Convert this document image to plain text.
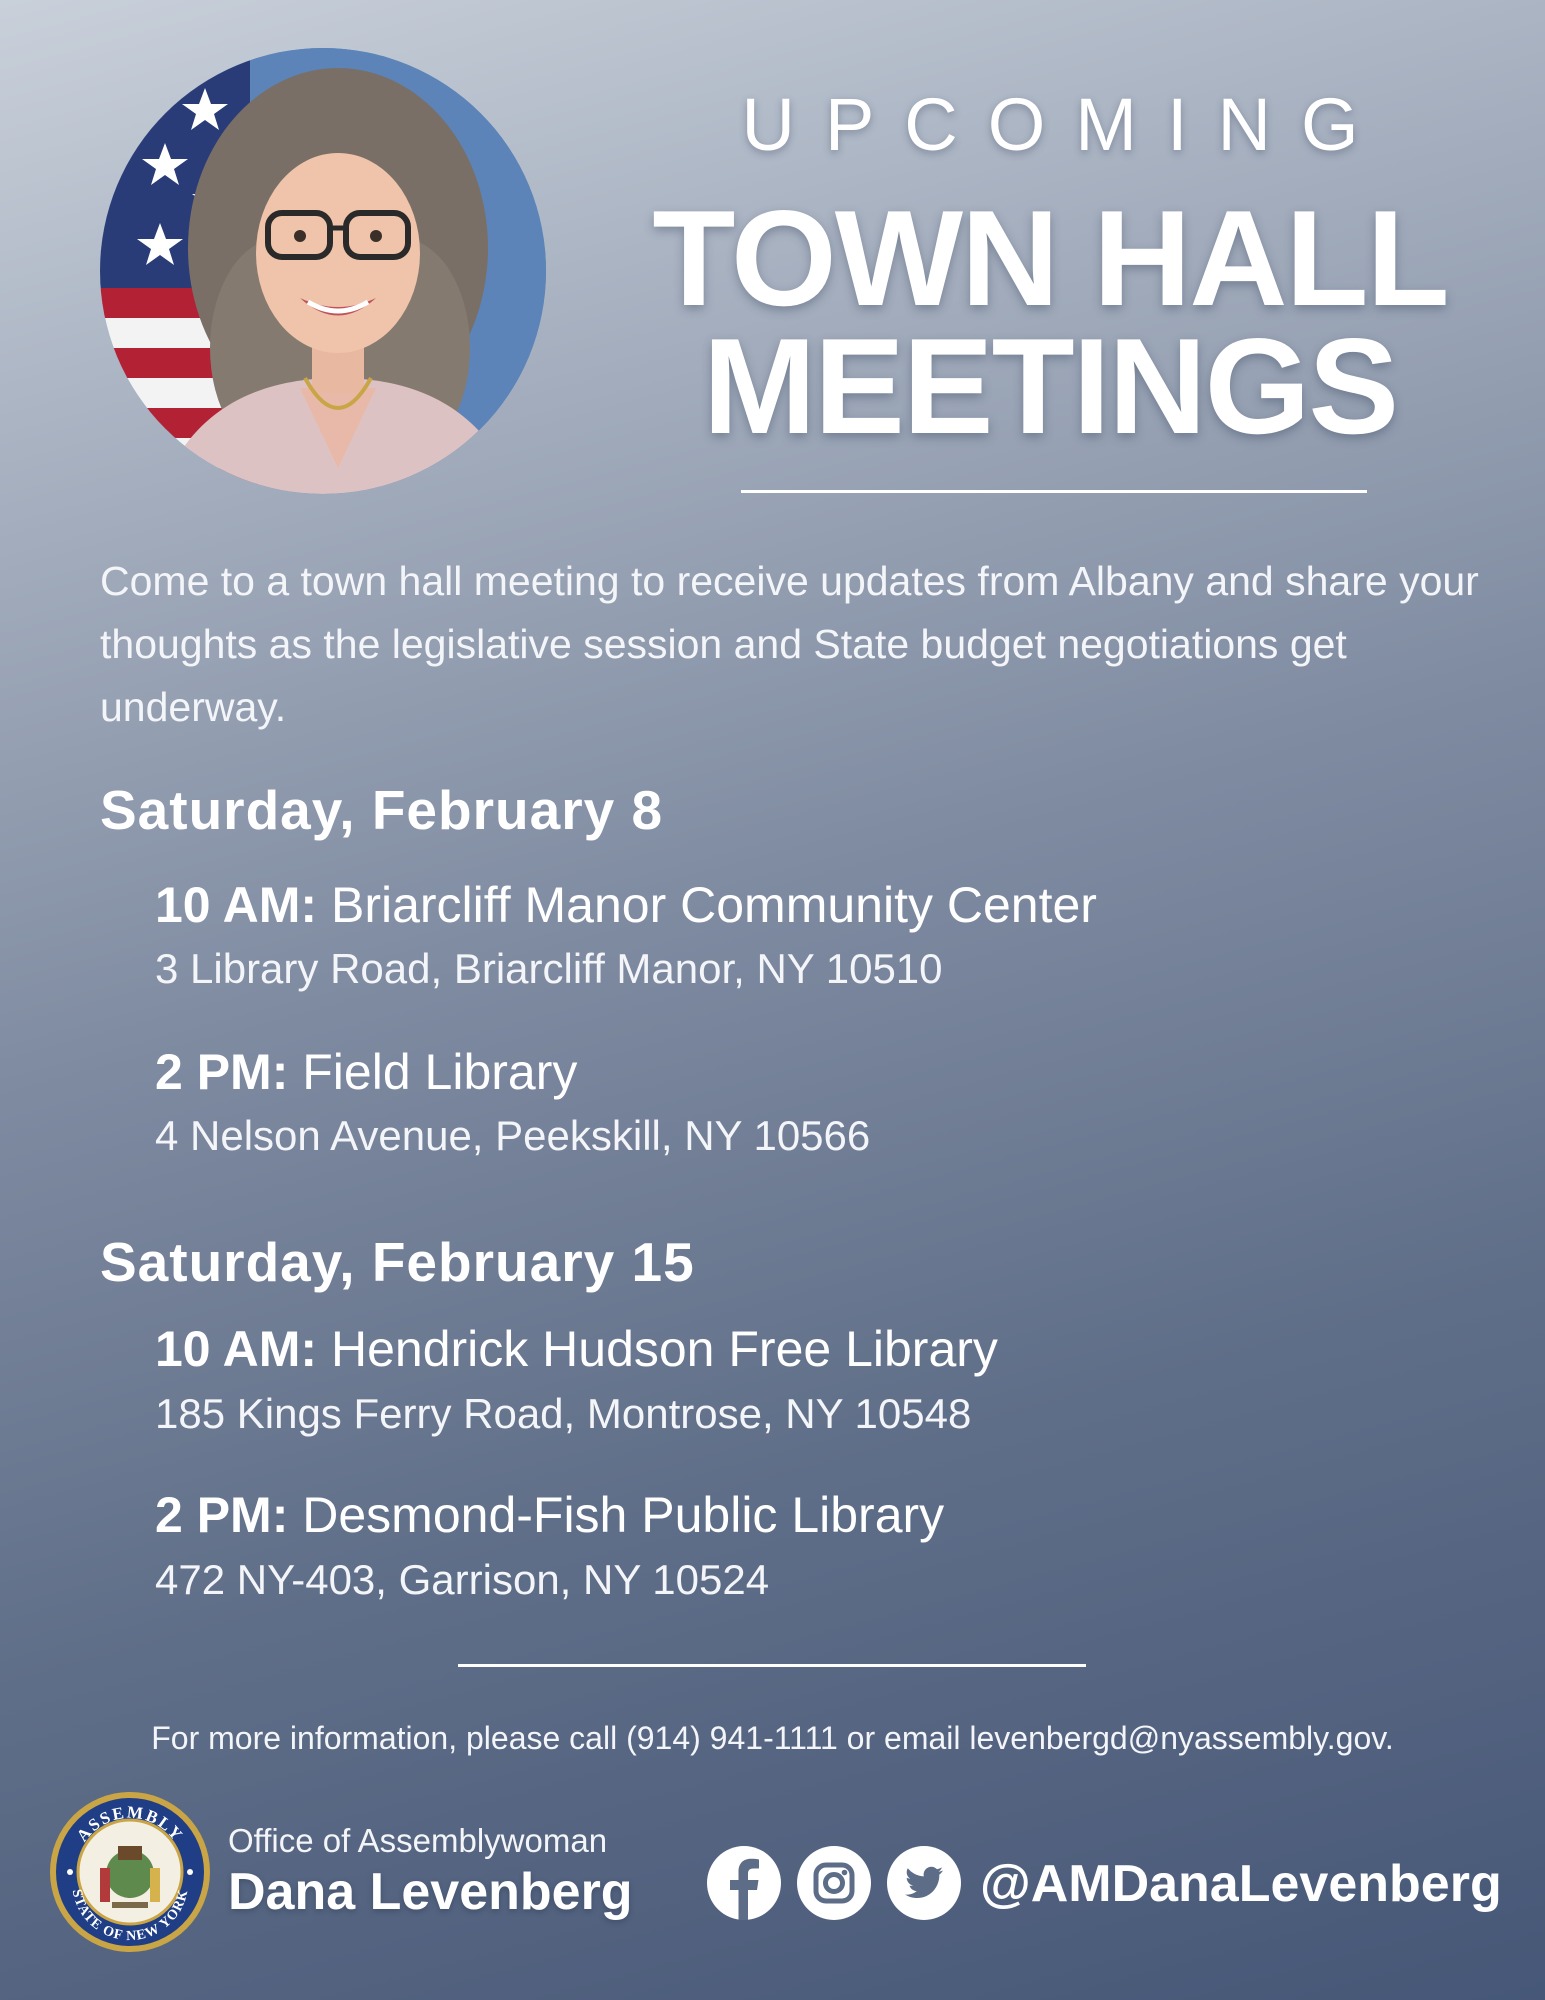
UPCOMING
TOWN HALL
MEETINGS
Come to a town hall meeting to receive updates from Albany and share your thoughts as the legislative session and State budget negotiations get underway.
Saturday, February 8
10 AM: Briarcliff Manor Community Center
3 Library Road, Briarcliff Manor, NY 10510
2 PM: Field Library
4 Nelson Avenue, Peekskill, NY 10566
Saturday, February 15
10 AM: Hendrick Hudson Free Library
185 Kings Ferry Road, Montrose, NY 10548
2 PM: Desmond-Fish Public Library
472 NY-403, Garrison, NY 10524
For more information, please call (914) 941-1111 or email levenbergd@nyassembly.gov.
ASSEMBLY
STATE OF NEW YORK
Office of Assemblywoman
Dana Levenberg	@AMDanaLevenberg
